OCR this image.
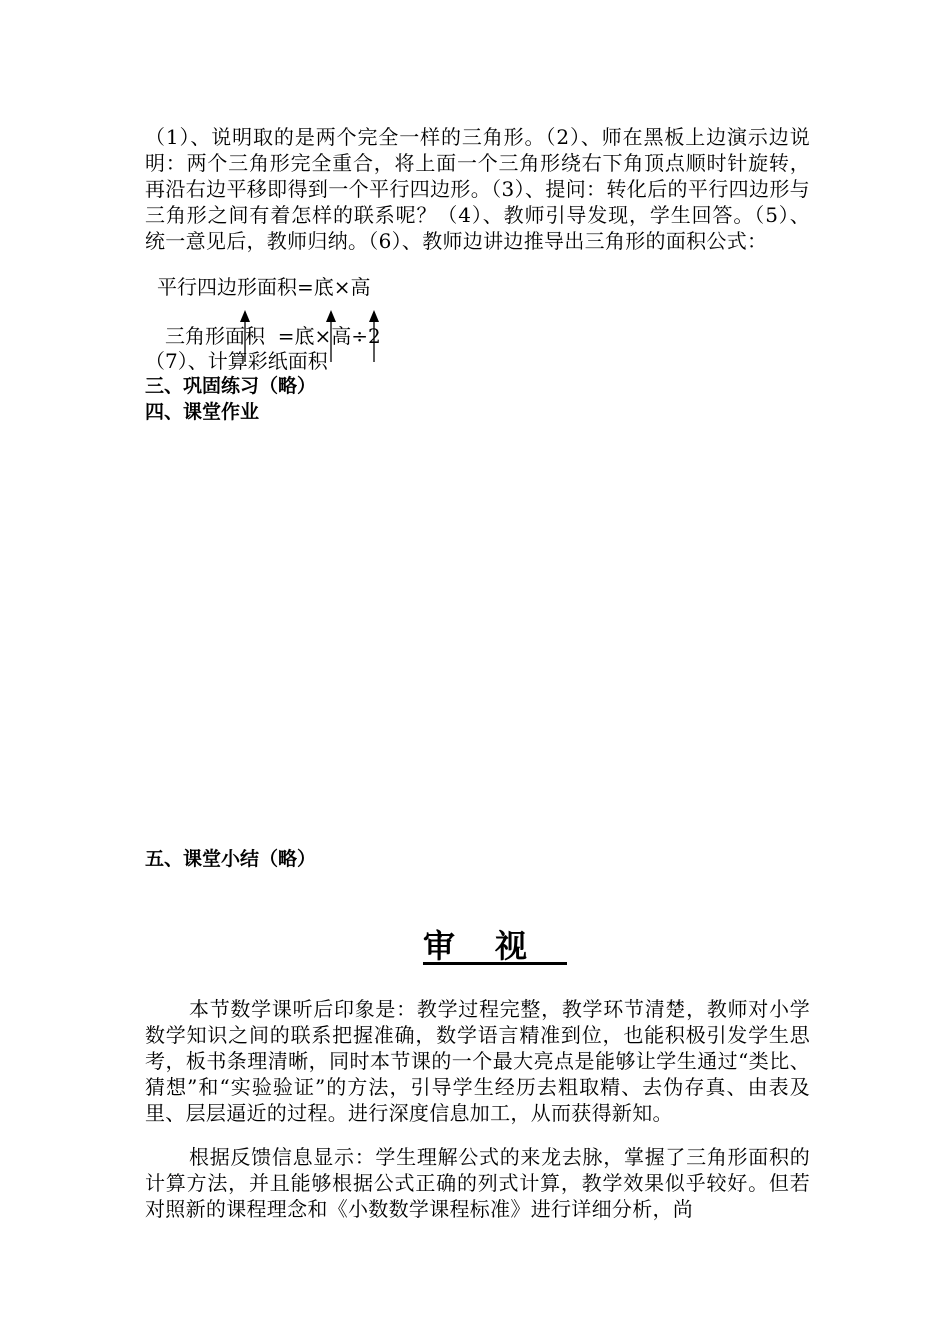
（1）、说明取的是两个完全一样的三角形。（2）、师在黑板上边演示边说明：两个三角形完全重合，将上面一个三角形绕右下角顶点顺时针旋转，再沿右边平移即得到一个平行四边形。（3）、提问：转化后的平行四边形与三角形之间有着怎样的联系呢？（4）、教师引导发现，学生回答。（5）、统一意见后，教师归纳。（6）、教师边讲边推导出三角形的面积公式：
平行四边形面积=底×高
三角形面积  =底×高÷2
（7）、计算彩纸面积
三、巩固练习（略）
四、课堂作业
五、课堂小结（略）
审视
本节数学课听后印象是：教学过程完整，教学环节清楚，教师对小学数学知识之间的联系把握准确，数学语言精准到位，也能积极引发学生思考，板书条理清晰，同时本节课的一个最大亮点是能够让学生通过“类比、猜想”和“实验验证”的方法，引导学生经历去粗取精、去伪存真、由表及里、层层逼近的过程。进行深度信息加工，从而获得新知。
根据反馈信息显示：学生理解公式的来龙去脉，掌握了三角形面积的计算方法，并且能够根据公式正确的列式计算，教学效果似乎较好。但若对照新的课程理念和《小数数学课程标准》进行详细分析，尚
